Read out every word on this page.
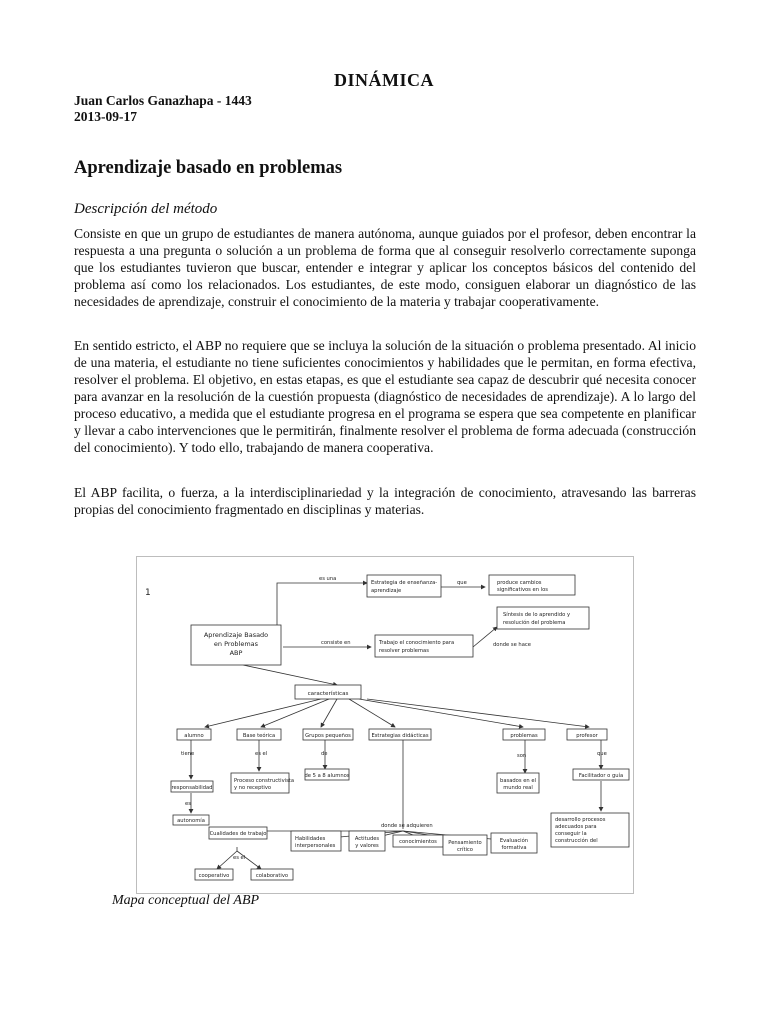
DINÁMICA
Juan Carlos Ganazhapa - 1443
2013-09-17
Aprendizaje basado en problemas
Descripción del método
Consiste en que un grupo de estudiantes de manera autónoma, aunque guiados por el profesor, deben encontrar la respuesta a una pregunta o solución a un problema de forma que al conseguir resolverlo correctamente suponga que los estudiantes tuvieron que buscar, entender e integrar y aplicar los conceptos básicos del contenido del problema así como los relacionados. Los estudiantes, de este modo, consiguen elaborar un diagnóstico de las necesidades de aprendizaje, construir el conocimiento de la materia y trabajar cooperativamente.
En sentido estricto, el ABP no requiere que se incluya la solución de la situación o problema presentado. Al inicio de una materia, el estudiante no tiene suficientes conocimientos y habilidades que le permitan, en forma efectiva, resolver el problema. El objetivo, en estas etapas, es que el estudiante sea capaz de descubrir qué necesita conocer para avanzar en la resolución de la cuestión propuesta (diagnóstico de necesidades de aprendizaje). A lo largo del proceso educativo, a medida que el estudiante progresa en el programa se espera que sea competente en planificar y llevar a cabo intervenciones que le permitirán, finalmente resolver el problema de forma adecuada (construcción del conocimiento). Y todo ello, trabajando de manera cooperativa.
El ABP facilita, o fuerza, a la interdisciplinariedad y la integración de conocimiento, atravesando las barreras propias del conocimiento fragmentado en disciplinas y materias.
1
Aprendizaje Basado
en Problemas
ABP
Estrategia de enseñanza-
aprendizaje
produce cambios
significativos en los
Trabajo el conocimiento para
resolver problemas
Síntesis de lo aprendido y
resolución del problema
características
alumno	Base teórica	Grupos pequeños	Estrategias didácticas	problemas	profesor
responsabilidad
autonomía
Proceso constructivista
y no receptivo
de 5 a 8 alumnos
basados en el
mundo real
Facilitador o guía
desarrollo procesos
adecuados para
conseguir la
construcción del
Cualidades de trabajo
Habilidades
interpersonales
Actitudes
y valores
conocimientos Pensamiento
crítico
Evaluación
formativa
cooperativo	colaborativo
es una
que
consiste en	donde se hace
tiene
es
de	son
donde se adquieren
es el	que
es el
Mapa conceptual del ABP
